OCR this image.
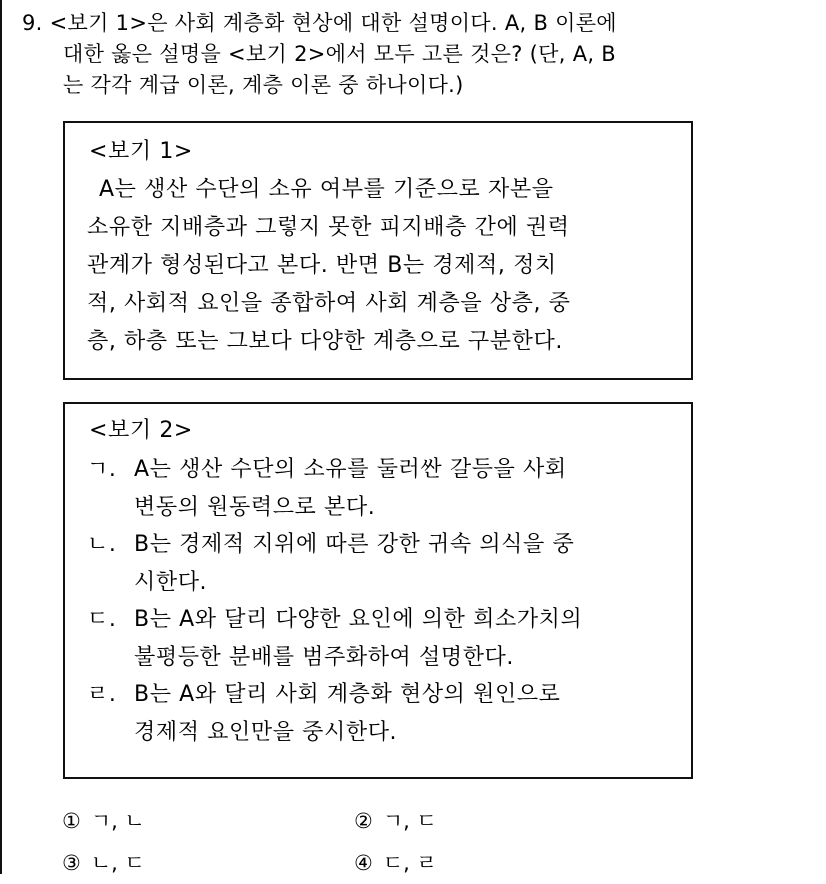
9. <보기 1>은 사회 계층화 현상에 대한 설명이다. A, B 이론에
대한 옳은 설명을 <보기 2>에서 모두 고른 것은? (단, A, B
는 각각 계급 이론, 계층 이론 중 하나이다.)
<보기 1>
A는 생산 수단의 소유 여부를 기준으로 자본을
소유한 지배층과 그렇지 못한 피지배층 간에 권력
관계가 형성된다고 본다. 반면 B는 경제적, 정치
적, 사회적 요인을 종합하여 사회 계층을 상층, 중
층, 하층 또는 그보다 다양한 계층으로 구분한다.
<보기 2>
ㄱ. A는 생산 수단의 소유를 둘러싼 갈등을 사회
변동의 원동력으로 본다.
ㄴ. B는 경제적 지위에 따른 강한 귀속 의식을 중
시한다.
ㄷ. B는 A와 달리 다양한 요인에 의한 희소가치의
불평등한 분배를 범주화하여 설명한다.
ㄹ. B는 A와 달리 사회 계층화 현상의 원인으로
경제적 요인만을 중시한다.
① ㄱ, ㄴ	② ㄱ, ㄷ
③ ㄴ, ㄷ	④ ㄷ, ㄹ
